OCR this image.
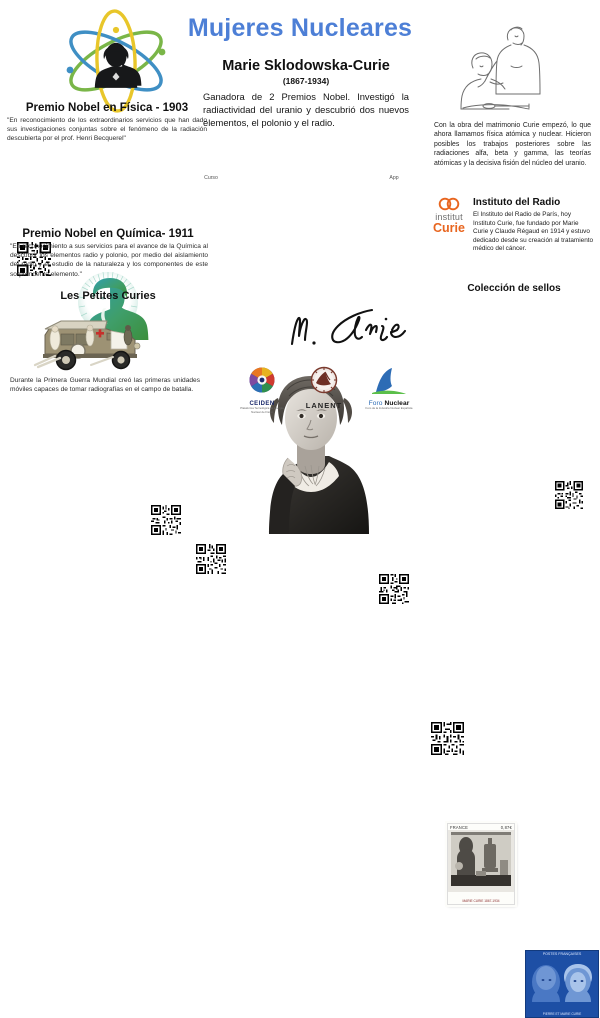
Mujeres Nucleares
Premio Nobel en Física - 1903
"En reconocimiento de los extraordinarios servicios que han dado sus investigaciones conjuntas sobre el fenómeno de la radiación descubierta por el prof. Henri Becquerel"
Premio Nobel en Química- 1911
"En reconocimiento a sus servicios para el avance de la Química al descubrir los elementos radio y polonio, por medio del aislamiento del radio y el estudio de la naturaleza y los componentes de este sorprendente elemento."
Les Petites Curies
Durante la Primera Guerra Mundial creó las primeras unidades móviles capaces de tomar radiografías en el campo de batalla.
Marie Sklodowska-Curie
(1867-1934)
Ganadora de 2 Premios Nobel. Investigó la radiactividad del uranio y descubrió dos nuevos elementos, el polonio y el radio.
Curso	App
CEIDEN
Plataforma Tecnológica de Energía Nuclear de Fisión
LANENT	Foro Nuclear
Foro de la Industria Nuclear Española
Con la obra del matrimonio Curie empezó, lo que ahora llamamos física atómica y nuclear. Hicieron posibles los trabajos posteriores sobre las radiaciones alfa, beta y gamma, las teorías atómicas y la decisiva fisión del núcleo del uranio.
Instituto del Radio
institut
Curie
El Instituto del Radio de París, hoy Instituto Curie, fue fundado por Marie Curie y Claude Régaud en 1914 y estuvo dedicado desde su creación al tratamiento médico del cáncer.
Colección de sellos
FRANCE	0,87€
M.C.
MARIE CURIE 1867-1934
POSTES FRANÇAISES
PIERRE ET MARIE CURIE
